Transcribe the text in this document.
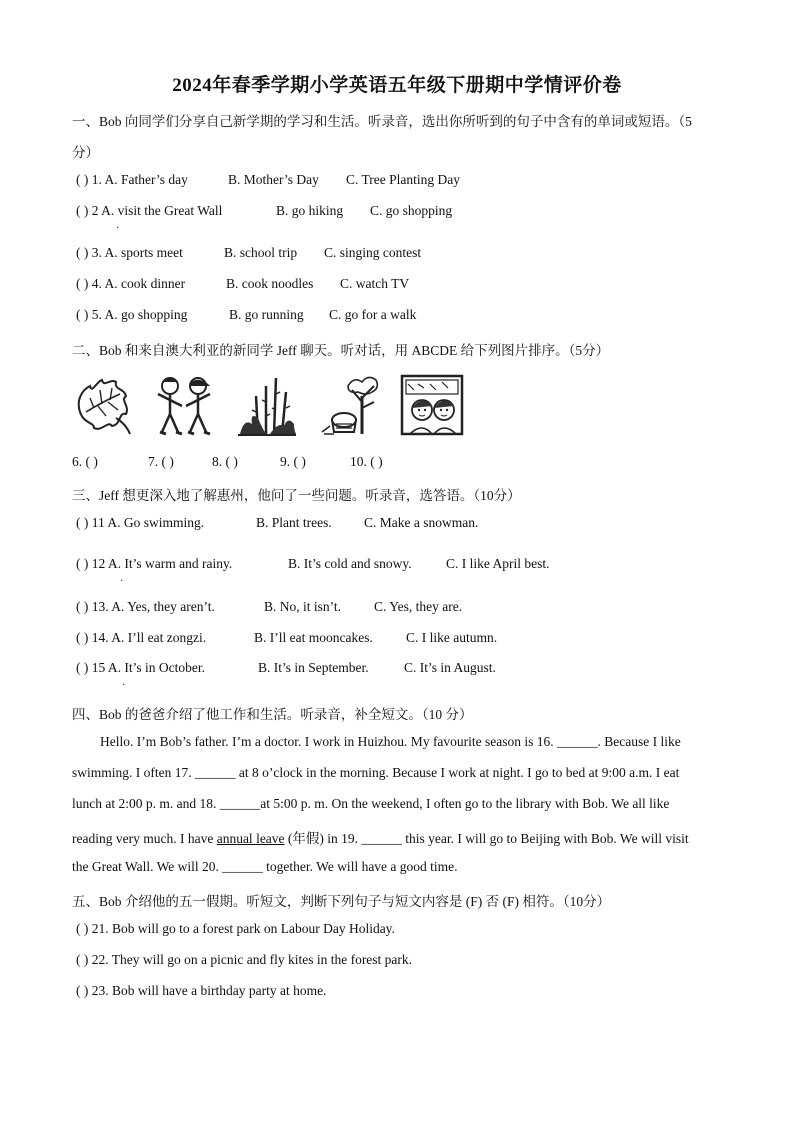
2024年春季学期小学英语五年级下册期中学情评价卷
一、Bob 向同学们分享自己新学期的学习和生活。听录音，选出你所听到的句子中含有的单词或短语。（5
分）
( ) 1. A. Father’s day	B. Mother’s Day C. Tree Planting Day
( ) 2 A. visit the Great Wall	B. go hiking C. go shopping
·
( ) 3. A. sports meet	B. school trip C. singing contest
( ) 4. A. cook dinner	B. cook noodles C. watch TV
( ) 5. A. go shopping	B. go running C. go for a walk
二、Bob 和来自澳大利亚的新同学 Jeff 聊天。听对话，用 ABCDE 给下列图片排序。（5分）
6. ( )	7. ( )	8. ( )	9. ( )	10. ( )
三、Jeff 想更深入地了解惠州，他问了一些问题。听录音，选答语。（10分）
( ) 11 A. Go swimming.	B. Plant trees. C. Make a snowman.
( ) 12 A. It’s warm and rainy.	B. It’s cold and snowy.	C. I like April best.
·
( ) 13. A. Yes, they aren’t.	B. No, it isn’t. C. Yes, they are.
( ) 14. A. I’ll eat zongzi.	B. I’ll eat mooncakes. C. I like autumn.
( ) 15 A. It’s in October.	B. It’s in September.	C. It’s in August.
·
四、Bob 的爸爸介绍了他工作和生活。听录音，补全短文。（10 分）
Hello. I’m Bob’s father. I’m a doctor. I work in Huizhou. My favourite season is 16. ______. Because I like
swimming. I often 17. ______ at 8 o’clock in the morning. Because I work at night. I go to bed at 9:00 a.m. I eat
lunch at 2:00 p. m. and 18. ______at 5:00 p. m. On the weekend, I often go to the library with Bob. We all like
reading very much. I have annual leave (年假) in 19. ______ this year. I will go to Beijing with Bob. We will visit
the Great Wall. We will 20. ______ together. We will have a good time.
五、Bob 介绍他的五一假期。听短文，判断下列句子与短文内容是 (F) 否 (F) 相符。（10分）
( ) 21. Bob will go to a forest park on Labour Day Holiday.
( ) 22. They will go on a picnic and fly kites in the forest park.
( ) 23. Bob will have a birthday party at home.
